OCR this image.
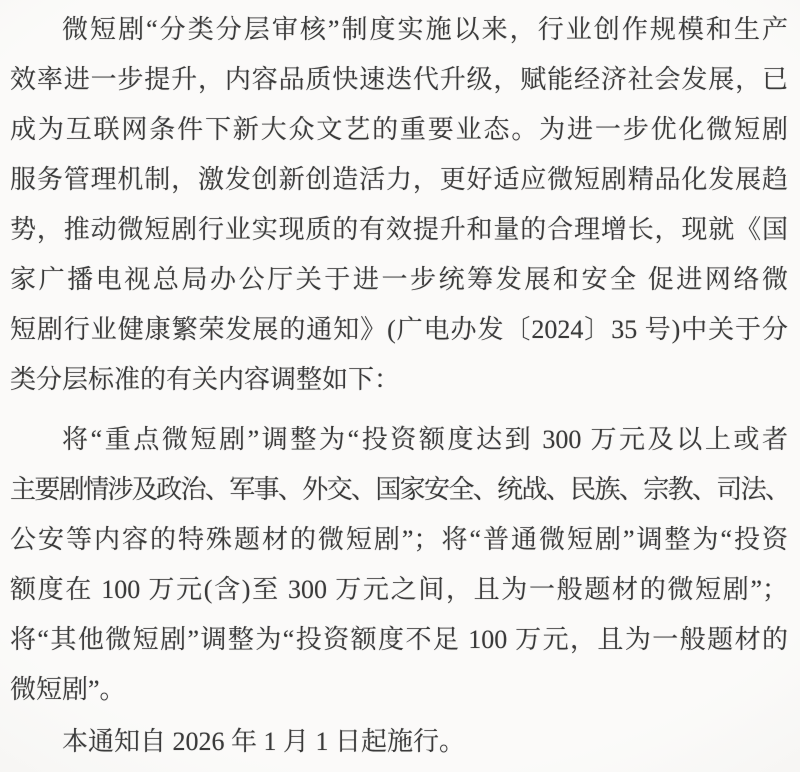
微短剧“分类分层审核”制度实施以来，行业创作规模和生产
效率进一步提升，内容品质快速迭代升级，赋能经济社会发展，已
成为互联网条件下新大众文艺的重要业态。为进一步优化微短剧
服务管理机制，激发创新创造活力，更好适应微短剧精品化发展趋
势，推动微短剧行业实现质的有效提升和量的合理增长，现就《国
家广播电视总局办公厅关于进一步统筹发展和安全 促进网络微
短剧行业健康繁荣发展的通知》(广电办发〔2024〕35 号)中关于分
类分层标准的有关内容调整如下：
将“重点微短剧”调整为“投资额度达到 300 万元及以上或者
主要剧情涉及政治、军事、外交、国家安全、统战、民族、宗教、司法、
公安等内容的特殊题材的微短剧”；将“普通微短剧”调整为“投资
额度在 100 万元(含)至 300 万元之间，且为一般题材的微短剧”；
将“其他微短剧”调整为“投资额度不足 100 万元，且为一般题材的
微短剧”。
本通知自 2026 年 1 月 1 日起施行。
